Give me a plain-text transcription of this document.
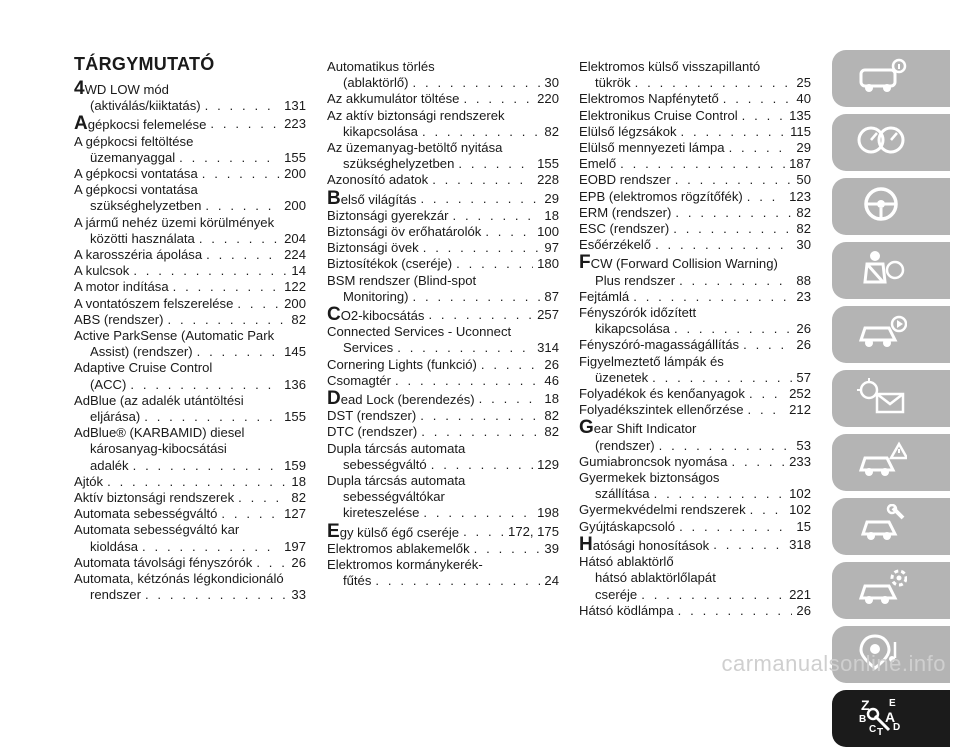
TÁRGYMUTATÓ
4WD LOW mód
(aktiválás/kiiktatás) . . .	131
Agépkocsi felemelése . . .	223
A gépkocsi feltöltése
üzemanyaggal . . .	155
A gépkocsi vontatása . . .	200
A gépkocsi vontatása
szükséghelyzetben . . .	200
A jármű nehéz üzemi körülmények
közötti használata . . .	204
A karosszéria ápolása . . .	224
A kulcsok . . .	14
A motor indítása . . .	122
A vontatószem felszerelése . . .	200
ABS (rendszer) . . .	82
Active ParkSense (Automatic Park
Assist) (rendszer) . . .	145
Adaptive Cruise Control
(ACC) . . .	136
AdBlue (az adalék utántöltési
eljárása) . . .	155
AdBlue® (KARBAMID) diesel
károsanyag-kibocsátási
adalék . . .	159
Ajtók . . .	18
Aktív biztonsági rendszerek . . .	82
Automata sebességváltó . . .	127
Automata sebességváltó kar
kioldása . . .	197
Automata távolsági fényszórók . . .	26
Automata, kétzónás légkondicionáló
rendszer . . .	33
Automatikus törlés
(ablaktörlő) . . .	30
Az akkumulátor töltése . . .	220
Az aktív biztonsági rendszerek
kikapcsolása . . .	82
Az üzemanyag-betöltő nyitása
szükséghelyzetben . . .	155
Azonosító adatok . . .	228
Belső világítás . . .	29
Biztonsági gyerekzár . . .	18
Biztonsági öv erőhatárolók . . .	100
Biztonsági övek . . .	97
Biztosítékok (cseréje) . . .	180
BSM rendszer (Blind-spot
Monitoring) . . .	87
CO2-kibocsátás . . .	257
Connected Services - Uconnect
Services . . .	314
Cornering Lights (funkció) . . .	26
Csomagtér . . .	46
Dead Lock (berendezés) . . .	18
DST (rendszer) . . .	82
DTC (rendszer) . . .	82
Dupla tárcsás automata
sebességváltó . . .	129
Dupla tárcsás automata
sebességváltókar
kireteszelése . . .	198
Egy külső égő cseréje . . .	172, 175
Elektromos ablakemelők . . .	39
Elektromos kormánykerék-
fűtés . . .	24
Elektromos külső visszapillantó
tükrök . . .	25
Elektromos Napfénytető . . .	40
Elektronikus Cruise Control . . .	135
Elülső légzsákok . . .	115
Elülső mennyezeti lámpa . . .	29
Emelő . . .	187
EOBD rendszer . . .	50
EPB (elektromos rögzítőfék) . . .	123
ERM (rendszer) . . .	82
ESC (rendszer) . . .	82
Esőérzékelő . . .	30
FCW (Forward Collision Warning)
Plus rendszer . . .	88
Fejtámlá . . .	23
Fényszórók időzített
kikapcsolása . . .	26
Fényszóró-magasságállítás . . .	26
Figyelmeztető lámpák és
üzenetek . . .	57
Folyadékok és kenőanyagok . . .	252
Folyadékszintek ellenőrzése . . .	212
Gear Shift Indicator
(rendszer) . . .	53
Gumiabroncsok nyomása . . .	233
Gyermekek biztonságos
szállítása . . .	102
Gyermekvédelmi rendszerek . . .	102
Gyújtáskapcsoló . . .	15
Hatósági honosítások . . .	318
Hátsó ablaktörlő
hátsó ablaktörlőlapát
cseréje . . .	221
Hátsó ködlámpa . . .	26
Z E
B A
C D
T
carmanualsonline.info
